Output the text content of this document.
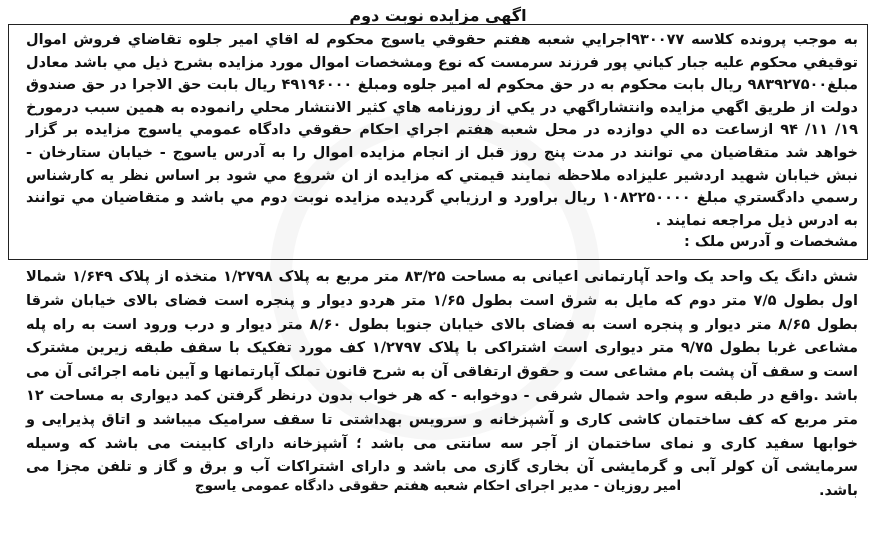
اگهي مزايده نوبت دوم
به موجب پرونده كلاسه ۹۳۰۰۷۷اجرايي شعبه هفتم حقوقي ياسوج محكوم له اقاي امير جلوه تقاضاي فروش اموال توقيفي محكوم عليه جبار كياني پور فرزند سرمست كه نوع ومشخصات اموال مورد مزايده بشرح ذيل مي باشد معادل مبلغ۹۸۳۹۲۷۵۰۰ ريال بابت محكوم به در حق محكوم له امير جلوه ومبلغ ۴۹۱۹۶۰۰۰ ريال بابت حق الاجرا در حق صندوق دولت از طريق اگهي مزايده وانتشاراگهي در يكي از روزنامه هاي كثير الانتشار محلي رانموده به همين سبب درمورخ ۱۹/ ۱۱/ ۹۴ ازساعت ده الي دوازده در محل شعبه هفتم اجراي احكام حقوقي دادگاه عمومي ياسوج مزايده بر گزار خواهد شد متقاضيان مي توانند در مدت پنج روز قبل از انجام مزايده اموال را به آدرس ياسوج - خيابان ستارخان - نبش خيابان شهيد اردشير عليزاده ملاحظه نمايند قيمتي كه مزايده از ان شروع مي شود بر اساس نظر يه كارشناس رسمي دادگستري مبلغ ۱۰۸۲۲۵۰۰۰۰ ريال براورد و ارزيابي گرديده مزايده نوبت دوم مي باشد و متقاضيان مي توانند به ادرس ذيل مراجعه نمايند .
مشخصات و آدرس ملک :
شش دانگ یک واحد یک واحد آپارتمانی اعیانی به مساحت ۸۳/۲۵ متر مربع به پلاک ۱/۲۷۹۸ متخذه از پلاک ۱/۶۴۹ شمالا اول بطول ۷/۵ متر دوم که مایل به شرق است بطول ۱/۶۵ متر هردو دیوار و پنجره است فضای بالای خیابان شرقا بطول ۸/۶۵ متر دیوار و پنجره است به فضای بالای خیابان جنوبا بطول ۸/۶۰ متر دیوار و درب ورود است به راه پله مشاعی غربا بطول ۹/۷۵ متر دیواری است اشتراکی با پلاک ۱/۲۷۹۷ کف مورد تفکیک با سقف طبقه زیرین مشترک است و سقف آن پشت بام مشاعی ست و حقوق ارتفاقی آن به شرح قانون تملک آپارتمانها و آیین نامه اجرائی آن می باشد .واقع در طبقه سوم واحد شمال شرقی - دوخوابه - که هر خواب بدون درنظر گرفتن کمد دیواری به مساحت ۱۲ متر مربع که کف ساختمان کاشی کاری و آشپزخانه و سرویس بهداشتی تا سقف سرامیک میباشد و اتاق پذیرایی و خوابها سفید کاری و نمای ساختمان از آجر سه سانتی می باشد ؛ آشپزخانه دارای کابینت می باشد که وسیله سرمایشی آن کولر آبی و گرمایشی آن بخاری گازی می باشد و دارای اشتراکات آب و برق و گاز و تلفن مجزا می باشد.
امیر روزیان - مدیر اجرای احکام شعبه هفتم حقوقی دادگاه عمومی یاسوج
